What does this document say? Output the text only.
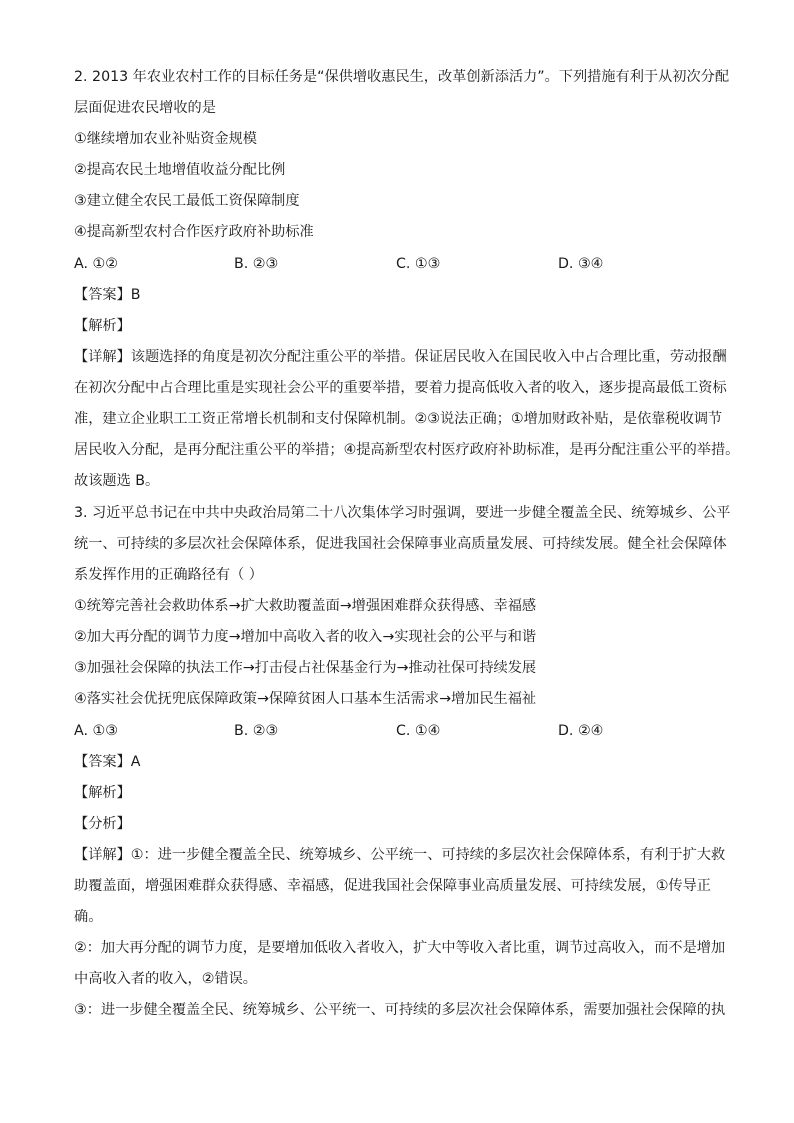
2. 2013 年农业农村工作的目标任务是“保供增收惠民生，改革创新添活力”。下列措施有利于从初次分配
层面促进农民增收的是
①继续增加农业补贴资金规模
②提高农民土地增值收益分配比例
③建立健全农民工最低工资保障制度
④提高新型农村合作医疗政府补助标准
A. ①②	B. ②③	C. ①③	D. ③④
【答案】B
【解析】
【详解】该题选择的角度是初次分配注重公平的举措。保证居民收入在国民收入中占合理比重，劳动报酬
在初次分配中占合理比重是实现社会公平的重要举措，要着力提高低收入者的收入，逐步提高最低工资标
准，建立企业职工工资正常增长机制和支付保障机制。②③说法正确；①增加财政补贴，是依靠税收调节
居民收入分配，是再分配注重公平的举措；④提高新型农村医疗政府补助标准，是再分配注重公平的举措。
故该题选 B。
3. 习近平总书记在中共中央政治局第二十八次集体学习时强调，要进一步健全覆盖全民、统筹城乡、公平
统一、可持续的多层次社会保障体系，促进我国社会保障事业高质量发展、可持续发展。健全社会保障体
系发挥作用的正确路径有（ ）
①统筹完善社会救助体系→扩大救助覆盖面→增强困难群众获得感、幸福感
②加大再分配的调节力度→增加中高收入者的收入→实现社会的公平与和谐
③加强社会保障的执法工作→打击侵占社保基金行为→推动社保可持续发展
④落实社会优抚兜底保障政策→保障贫困人口基本生活需求→增加民生福祉
A. ①③	B. ②③	C. ①④	D. ②④
【答案】A
【解析】
【分析】
【详解】①：进一步健全覆盖全民、统筹城乡、公平统一、可持续的多层次社会保障体系，有利于扩大救
助覆盖面，增强困难群众获得感、幸福感，促进我国社会保障事业高质量发展、可持续发展，①传导正
确。
②：加大再分配的调节力度，是要增加低收入者收入，扩大中等收入者比重，调节过高收入，而不是增加
中高收入者的收入，②错误。
③：进一步健全覆盖全民、统筹城乡、公平统一、可持续的多层次社会保障体系，需要加强社会保障的执
